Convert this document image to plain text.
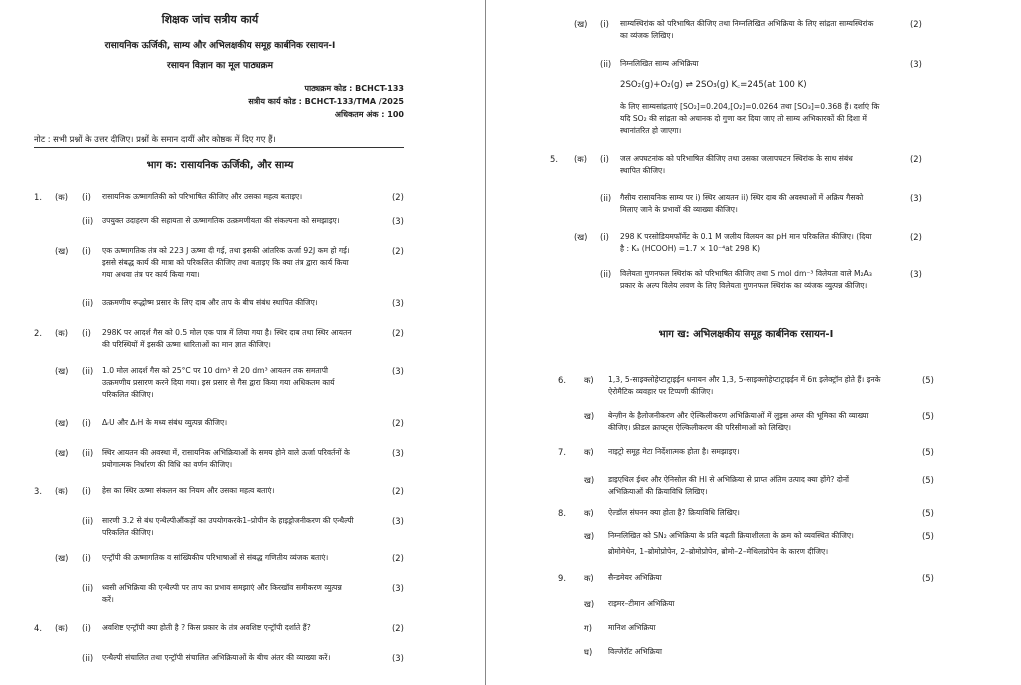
शिक्षक जांच सत्रीय कार्य
रासायनिक ऊर्जिकी, साम्य और अभिलक्षकीय समूह कार्बनिक रसायन-I
रसायन विज्ञान का मूल पाठ्यक्रम
पाठ्यक्रम कोड : BCHCT-133
सत्रीय कार्य कोड : BCHCT-133/TMA /2025
अधिकतम अंक : 100
नोट : सभी प्रश्नों के उत्तर दीजिए। प्रश्नों के समान दायीं और कोष्ठक में दिए गए हैं।
भाग क: रासायनिक ऊर्जिकी, और साम्य
1. (क) (i) रासायनिक ऊष्मागतिकी को परिभाषित कीजिए और उसका महत्व बताइए।	(2)
(ii) उपयुक्त उदाहरण की सहायता से ऊष्मागतिक उत्क्रमणीयता की संकल्पना को समझाइए।	(3)
(ख) (i) एक ऊष्मागतिक तंत्र को 223 J ऊष्मा दी गई, तथा इसकी आंतरिक ऊर्जा 92J कम हो गई।
इससे संबद्ध कार्य की मात्रा को परिकलित कीजिए तथा बताइए कि क्या तंत्र द्वारा कार्य किया
गया अथवा तंत्र पर कार्य किया गया।
(2)
(ii) उत्क्रमणीय रूद्धोष्म प्रसार के लिए दाब और ताप के बीच संबंध स्थापित कीजिए।	(3)
2. (क) (i) 298K पर आदर्श गैस को 0.5 मोल एक पात्र में लिया गया है। स्थिर दाब तथा स्थिर आयतन
की परिस्थियों में इसकी ऊष्मा धारिताओं का मान ज्ञात कीजिए।
(2)
(ख) (ii) 1.0 मोल आदर्श गैस को 25°C पर 10 dm³ से 20 dm³ आयतन तक समतापी
उत्क्रमणीय प्रसारण करने दिया गया। इस प्रसार से गैस द्वारा किया गया अधिकतम कार्य
परिकलित कीजिए।
(3)
(ख) (i) ΔᵣU और ΔᵣH के मध्य संबंध व्युत्पन्न कीजिए।	(2)
(ख) (ii) स्थिर आयतन की अवस्था में, रासायनिक अभिक्रियाओं के समय होने वाले ऊर्जा परिवर्तनों के
प्रयोगात्मक निर्धारण की विधि का वर्णन कीजिए।
(3)
3. (क) (i) हेस का स्थिर ऊष्मा संकलन का नियम और उसका महत्व बताएं।	(2)
(ii) सारणी 3.2 से बंध एन्थैल्पीऔंकड़ों का उपयोगकरके1–प्रोपीन के हाइड्रोजनीकरण की एन्थैल्पी
परिकलित कीजिए।
(3)
(ख) (i) एन्ट्रॉपी की ऊष्मागतिक व सांख्यिकीय परिभाषाओं से संबद्ध गणितीय व्यंजक बताएं।	(2)
(ii) ध्वसी अभिक्रिया की एन्थैल्पी पर ताप का प्रभाव समझाएं और किरखॉव समीकरण व्युत्पन्न
करें।
(3)
4. (क) (i) अवशिष्ट एन्ट्रॉपी क्या होती है ? किस प्रकार के तंत्र अवशिष्ट एन्ट्रॉपी दर्शाते हैं?	(2)
(ii) एन्थैल्पी संचालित तथा एन्ट्रॉपी संचालित अभिक्रियाओं के बीच अंतर की व्याख्या करें।	(3)
(ख) (i) साम्यस्थिरांक को परिभाषित कीजिए तथा निम्नलिखित अभिक्रिया के लिए सांद्रता साम्यस्थिरांक
का व्यंजक लिखिए।
(2)
(ii) निम्नलिखित साम्य अभिक्रिया	(3)
2SO₂(g)+O₂(g) ⇌ 2SO₃(g) K꜀=245(at 100 K)
के लिए साम्यसांद्रताएं [SO₂]=0.204,[O₂]=0.0264 तथा [SO₃]=0.368 हैं। दर्शाएं कि
यदि SO₂ की सांद्रता को अचानक दो गुणा कर दिया जाए तो साम्य अभिकारकों की दिशा में
स्थानांतरित हो जाएगा।
5. (क) (i) जल अपघटनांक को परिभाषित कीजिए तथा उसका जलापघटन स्थिरांक के साथ संबंध
स्थापित कीजिए।
(2)
(ii) गैसीय रासायनिक साम्य पर i) स्थिर आयतन ii) स्थिर दाब की अवस्थाओं में अक्रिय गैसको
मिलाए जाने के प्रभावों की व्याख्या कीजिए।
(3)
(ख) (i) 298 K परसोडियमफॉर्मेट के 0.1 M जलीय विलयन का pH मान परिकलित कीजिए। (दिया
है : Kₐ (HCOOH) =1.7 × 10⁻⁴at 298 K)
(2)
(ii) विलेयता गुणनफल स्थिरांक को परिभाषित कीजिए तथा S mol dm⁻³ विलेयता वाले M₂A₃
प्रकार के अल्प विलेय लवण के लिए विलेयता गुणनफल स्थिरांक का व्यंजक व्युत्पन्न कीजिए।
(3)
भाग ख: अभिलक्षकीय समूह कार्बनिक रसायन-I
6. क) 1,3, 5-साइक्लोहेप्टाट्राइईन धनायन और 1,3, 5-साइक्लोहेप्टाट्राइईन में 6π इलेक्ट्रॉन होते हैं। इनके
ऐरोमैटिक व्यवहार पर टिप्पणी कीजिए।
(5)
ख) बेन्ज़ीन के हैलोजनीकरण और ऐल्किलीकरण अभिक्रियाओं में लुइस अम्ल की भूमिका की व्याख्या
कीजिए। फ्रीडल क्राफ्ट्स ऐल्किलीकरण की परिसीमाओं को लिखिए।
(5)
7. क) नाइट्रो समूह मेटा निर्देशात्मक होता है। समझाइए।	(5)
ख) डाइएथिल ईथर और ऐनिसोल की HI से अभिक्रिया से प्राप्त अंतिम उत्पाद क्या होंगे? दोनों
अभिक्रियाओं की क्रियाविधि लिखिए।
(5)
8. क) ऐल्डॉल संघनन क्या होता है? क्रियाविधि लिखिए।	(5)
ख) निम्नलिखित को SN₂ अभिक्रिया के प्रति बढ़ती क्रियाशीलता के क्रम को व्यवस्थित कीजिए।
ब्रोमोमेथेन, 1–ब्रोमोप्रोपेन, 2–ब्रोमोप्रोपेन, ब्रोमो–2–मेथिलप्रोपेन के कारण दीजिए।
(5)
9. क) सैन्डमेयर अभिक्रिया	(5)
ख) राइमर–टीमान अभिक्रिया
ग) मानिश अभिक्रिया
घ) विल्जेरॉट अभिक्रिया
